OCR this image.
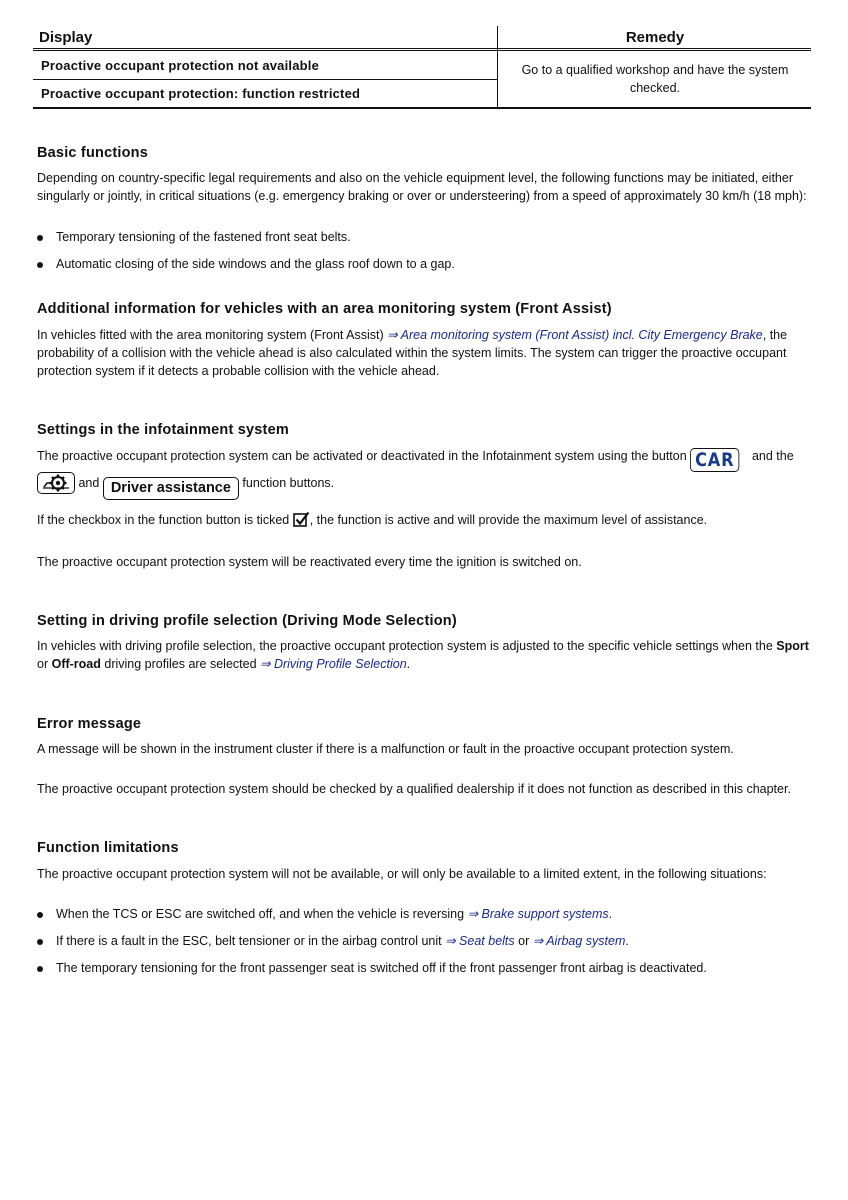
Display	Remedy
Proactive occupant protection not available
Proactive occupant protection: function restricted
Go to a qualified workshop and have the system
checked.
Basic functions

Depending on country-specific legal requirements and also on the vehicle equipment level, the following functions may be initiated, either
singularly or jointly, in critical situations (e.g. emergency braking or over or understeering) from a speed of approximately 30 km/h (18 mph):

Temporary tensioning of the fastened front seat belts.
Automatic closing of the side windows and the glass roof down to a gap.
Additional information for vehicles with an area monitoring system (Front Assist)

In vehicles fitted with the area monitoring system (Front Assist) ⇒ Area monitoring system (Front Assist) incl. City Emergency Brake, the
probability of a collision with the vehicle ahead is also calculated within the system limits. The system can trigger the proactive occupant
protection system if it detects a probable collision with the vehicle ahead.

Settings in the infotainment system

The proactive occupant protection system can be activated or deactivated in the Infotainment system using the button CAR and the
and Driver assistance function buttons.

If the checkbox in the function button is ticked , the function is active and will provide the maximum level of assistance.

The proactive occupant protection system will be reactivated every time the ignition is switched on.

Setting in driving profile selection (Driving Mode Selection)

In vehicles with driving profile selection, the proactive occupant protection system is adjusted to the specific vehicle settings when the Sport
or Off-road driving profiles are selected ⇒ Driving Profile Selection.

Error message

A message will be shown in the instrument cluster if there is a malfunction or fault in the proactive occupant protection system.

The proactive occupant protection system should be checked by a qualified dealership if it does not function as described in this chapter.

Function limitations

The proactive occupant protection system will not be available, or will only be available to a limited extent, in the following situations:

When the TCS or ESC are switched off, and when the vehicle is reversing ⇒ Brake support systems.
If there is a fault in the ESC, belt tensioner or in the airbag control unit ⇒ Seat belts or ⇒ Airbag system.
The temporary tensioning for the front passenger seat is switched off if the front passenger front airbag is deactivated.
